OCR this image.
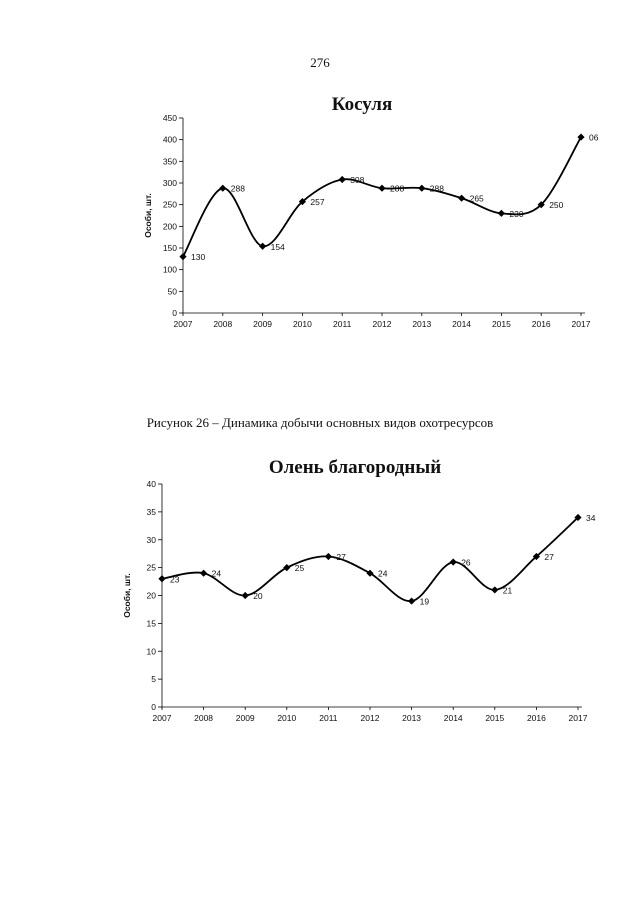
276
Косуля
0
50
100
150
200
250
300
350
400
450
2007 2008 2009 2010 2011 2012 2013 2014 2015 2016 2017
Особи, шт.
130
288
154
257
308
288	288
265
230
250
06
Рисунок 26 – Динамика добычи основных видов охотресурсов
Олень благородный
0
5
10
15
20
25
30
35
40
2007	2008	2009	2010	2011	2012	2013	2014	2015	2016	2017
Особи, шт.	23
24
20
25
27
24
19
26
21
27
34
